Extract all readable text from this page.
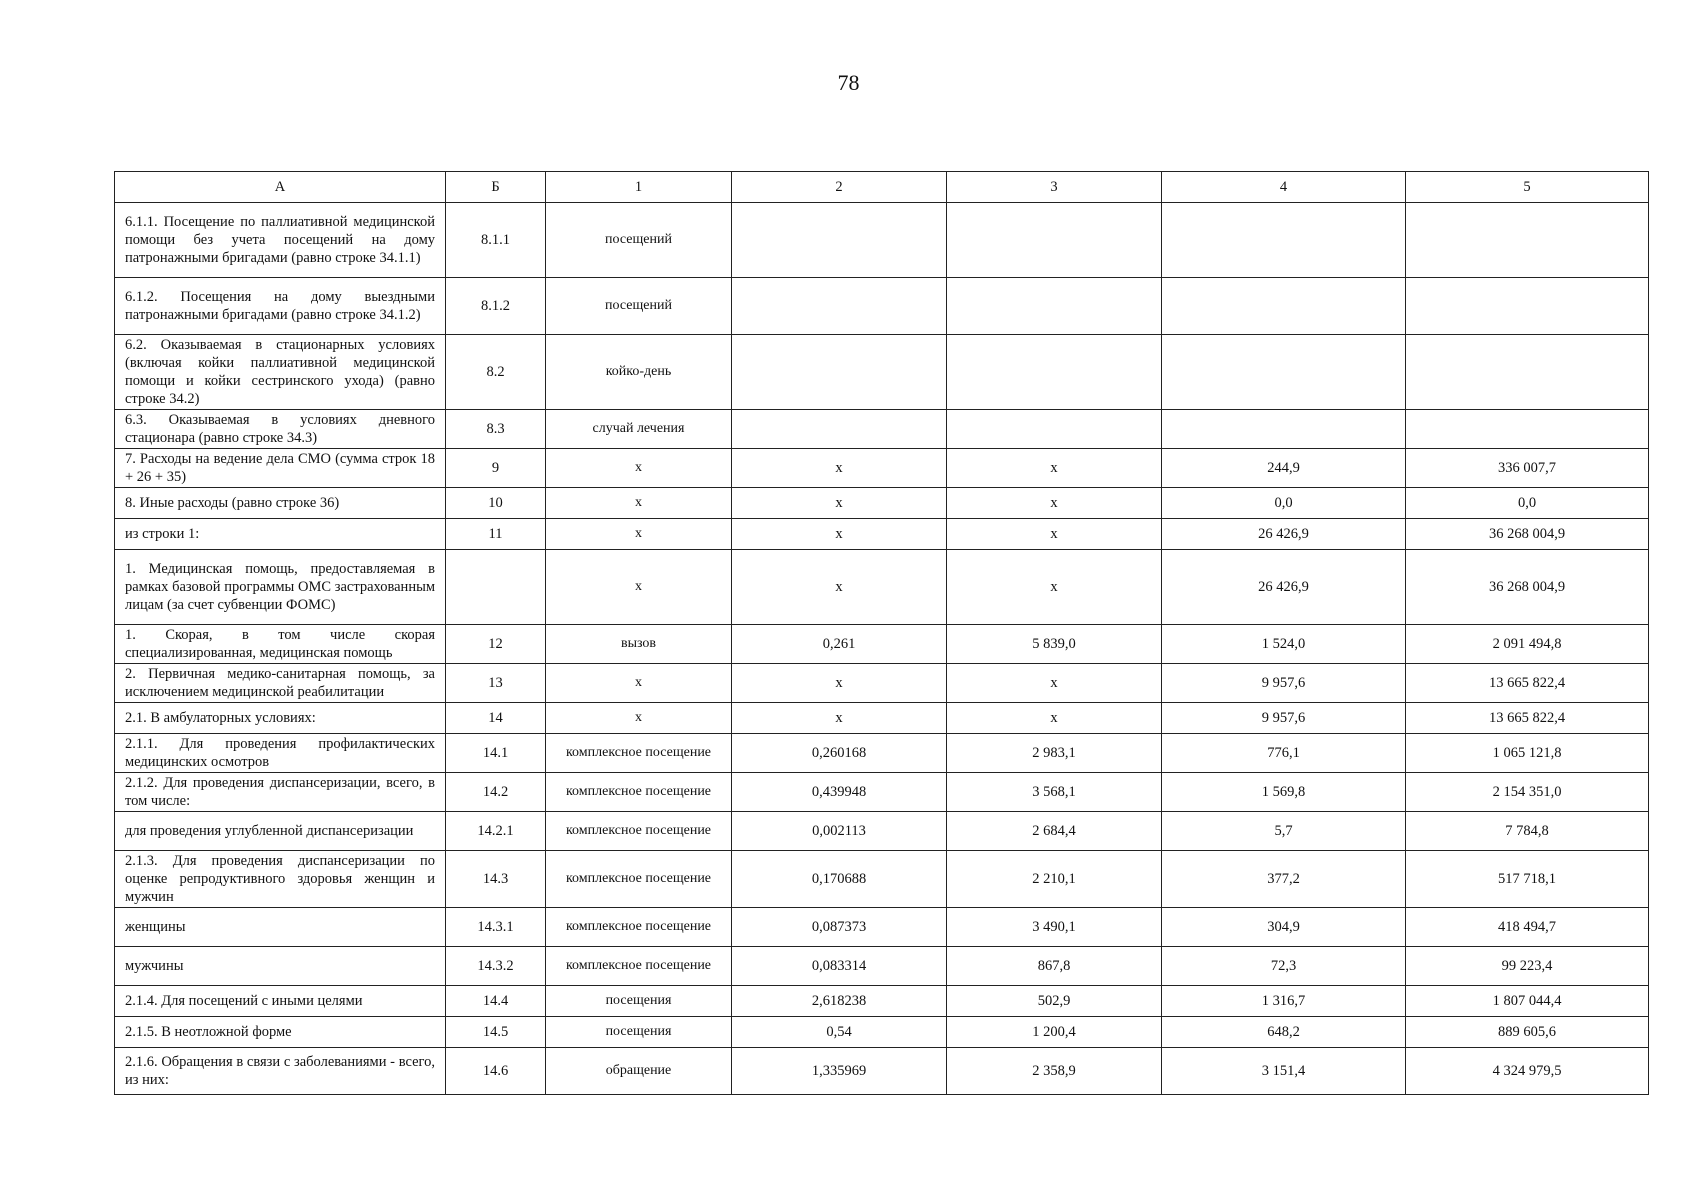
78
А	Б	1	2	3	4	5
6.1.1. Посещение по паллиативной медицинской помощи без учета посещений на дому патронажными бригадами (равно строке 34.1.1)	8.1.1	посещений				
6.1.2. Посещения на дому выездными патронажными бригадами (равно строке 34.1.2)	8.1.2	посещений				
6.2. Оказываемая в стационарных условиях (включая койки паллиативной медицинской помощи и койки сестринского ухода) (равно строке 34.2)	8.2	койко-день				
6.3. Оказываемая в условиях дневного стационара (равно строке 34.3)	8.3	случай лечения				
7. Расходы на ведение дела СМО (сумма строк 18 + 26 + 35)	9	х	х	х	244,9	336 007,7
8. Иные расходы (равно строке 36)	10	х	х	х	0,0	0,0
из строки 1:	11	х	х	х	26 426,9	36 268 004,9
1. Медицинская помощь, предоставляемая в рамках базовой программы ОМС застрахованным лицам (за счет субвенции ФОМС)		х	х	х	26 426,9	36 268 004,9
1. Скорая, в том числе скорая специализированная, медицинская помощь	12	вызов	0,261	5 839,0	1 524,0	2 091 494,8
2. Первичная медико-санитарная помощь, за исключением медицинской реабилитации	13	х	х	х	9 957,6	13 665 822,4
2.1. В амбулаторных условиях:	14	х	х	х	9 957,6	13 665 822,4
2.1.1. Для проведения профилактических медицинских осмотров	14.1	комплексное посещение	0,260168	2 983,1	776,1	1 065 121,8
2.1.2. Для проведения диспансеризации, всего, в том числе:	14.2	комплексное посещение	0,439948	3 568,1	1 569,8	2 154 351,0
для проведения углубленной диспансеризации	14.2.1	комплексное посещение	0,002113	2 684,4	5,7	7 784,8
2.1.3. Для проведения диспансеризации по оценке репродуктивного здоровья женщин и мужчин	14.3	комплексное посещение	0,170688	2 210,1	377,2	517 718,1
женщины	14.3.1	комплексное посещение	0,087373	3 490,1	304,9	418 494,7
мужчины	14.3.2	комплексное посещение	0,083314	867,8	72,3	99 223,4
2.1.4. Для посещений с иными целями	14.4	посещения	2,618238	502,9	1 316,7	1 807 044,4
2.1.5. В неотложной форме	14.5	посещения	0,54	1 200,4	648,2	889 605,6
2.1.6. Обращения в связи с заболеваниями - всего, из них:	14.6	обращение	1,335969	2 358,9	3 151,4	4 324 979,5
